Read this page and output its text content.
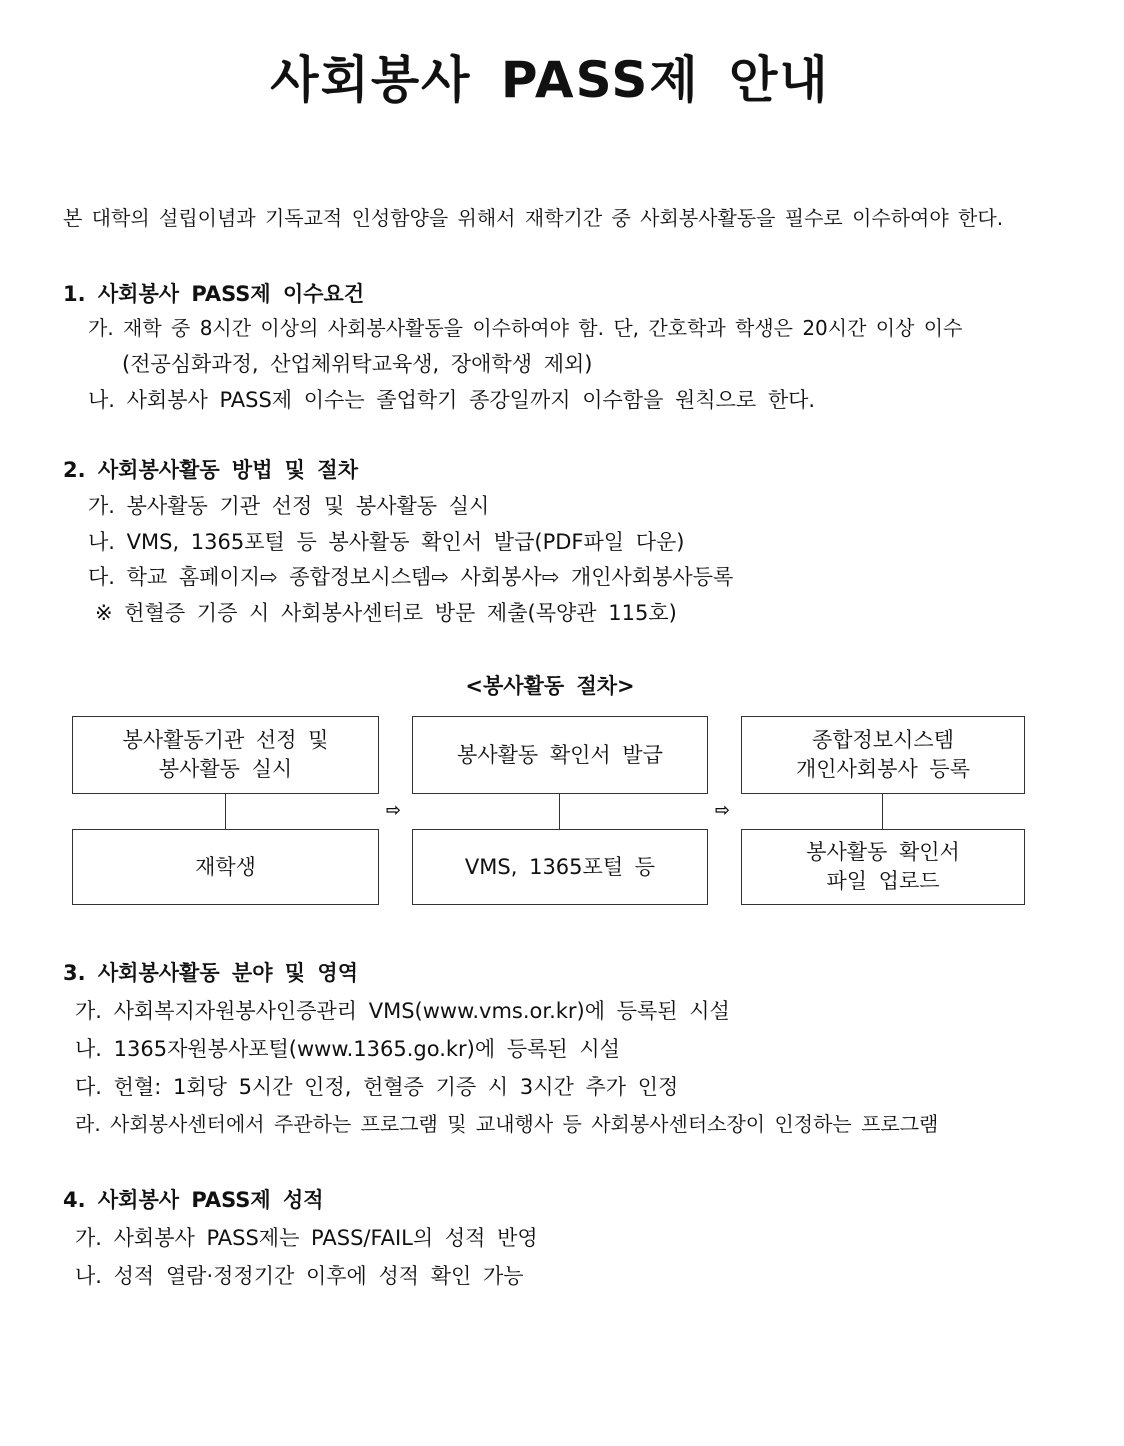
사회봉사 PASS제 안내
본 대학의 설립이념과 기독교적 인성함양을 위해서 재학기간 중 사회봉사활동을 필수로 이수하여야 한다.
1. 사회봉사 PASS제 이수요건
가. 재학 중 8시간 이상의 사회봉사활동을 이수하여야 함. 단, 간호학과 학생은 20시간 이상 이수
(전공심화과정, 산업체위탁교육생, 장애학생 제외)
나. 사회봉사 PASS제 이수는 졸업학기 종강일까지 이수함을 원칙으로 한다.
2. 사회봉사활동 방법 및 절차
가. 봉사활동 기관 선정 및 봉사활동 실시
나. VMS, 1365포털 등 봉사활동 확인서 발급(PDF파일 다운)
다. 학교 홈페이지⇨ 종합정보시스템⇨ 사회봉사⇨ 개인사회봉사등록
※ 헌혈증 기증 시 사회봉사센터로 방문 제출(목양관 115호)
<봉사활동 절차>
봉사활동기관 선정 및
봉사활동 실시
재학생
⇨
봉사활동 확인서 발급
VMS, 1365포털 등
⇨
종합정보시스템
개인사회봉사 등록
봉사활동 확인서
파일 업로드
3. 사회봉사활동 분야 및 영역
가. 사회복지자원봉사인증관리 VMS(www.vms.or.kr)에 등록된 시설
나. 1365자원봉사포털(www.1365.go.kr)에 등록된 시설
다. 헌혈: 1회당 5시간 인정, 헌혈증 기증 시 3시간 추가 인정
라. 사회봉사센터에서 주관하는 프로그램 및 교내행사 등 사회봉사센터소장이 인정하는 프로그램
4. 사회봉사 PASS제 성적
가. 사회봉사 PASS제는 PASS/FAIL의 성적 반영
나. 성적 열람·정정기간 이후에 성적 확인 가능
